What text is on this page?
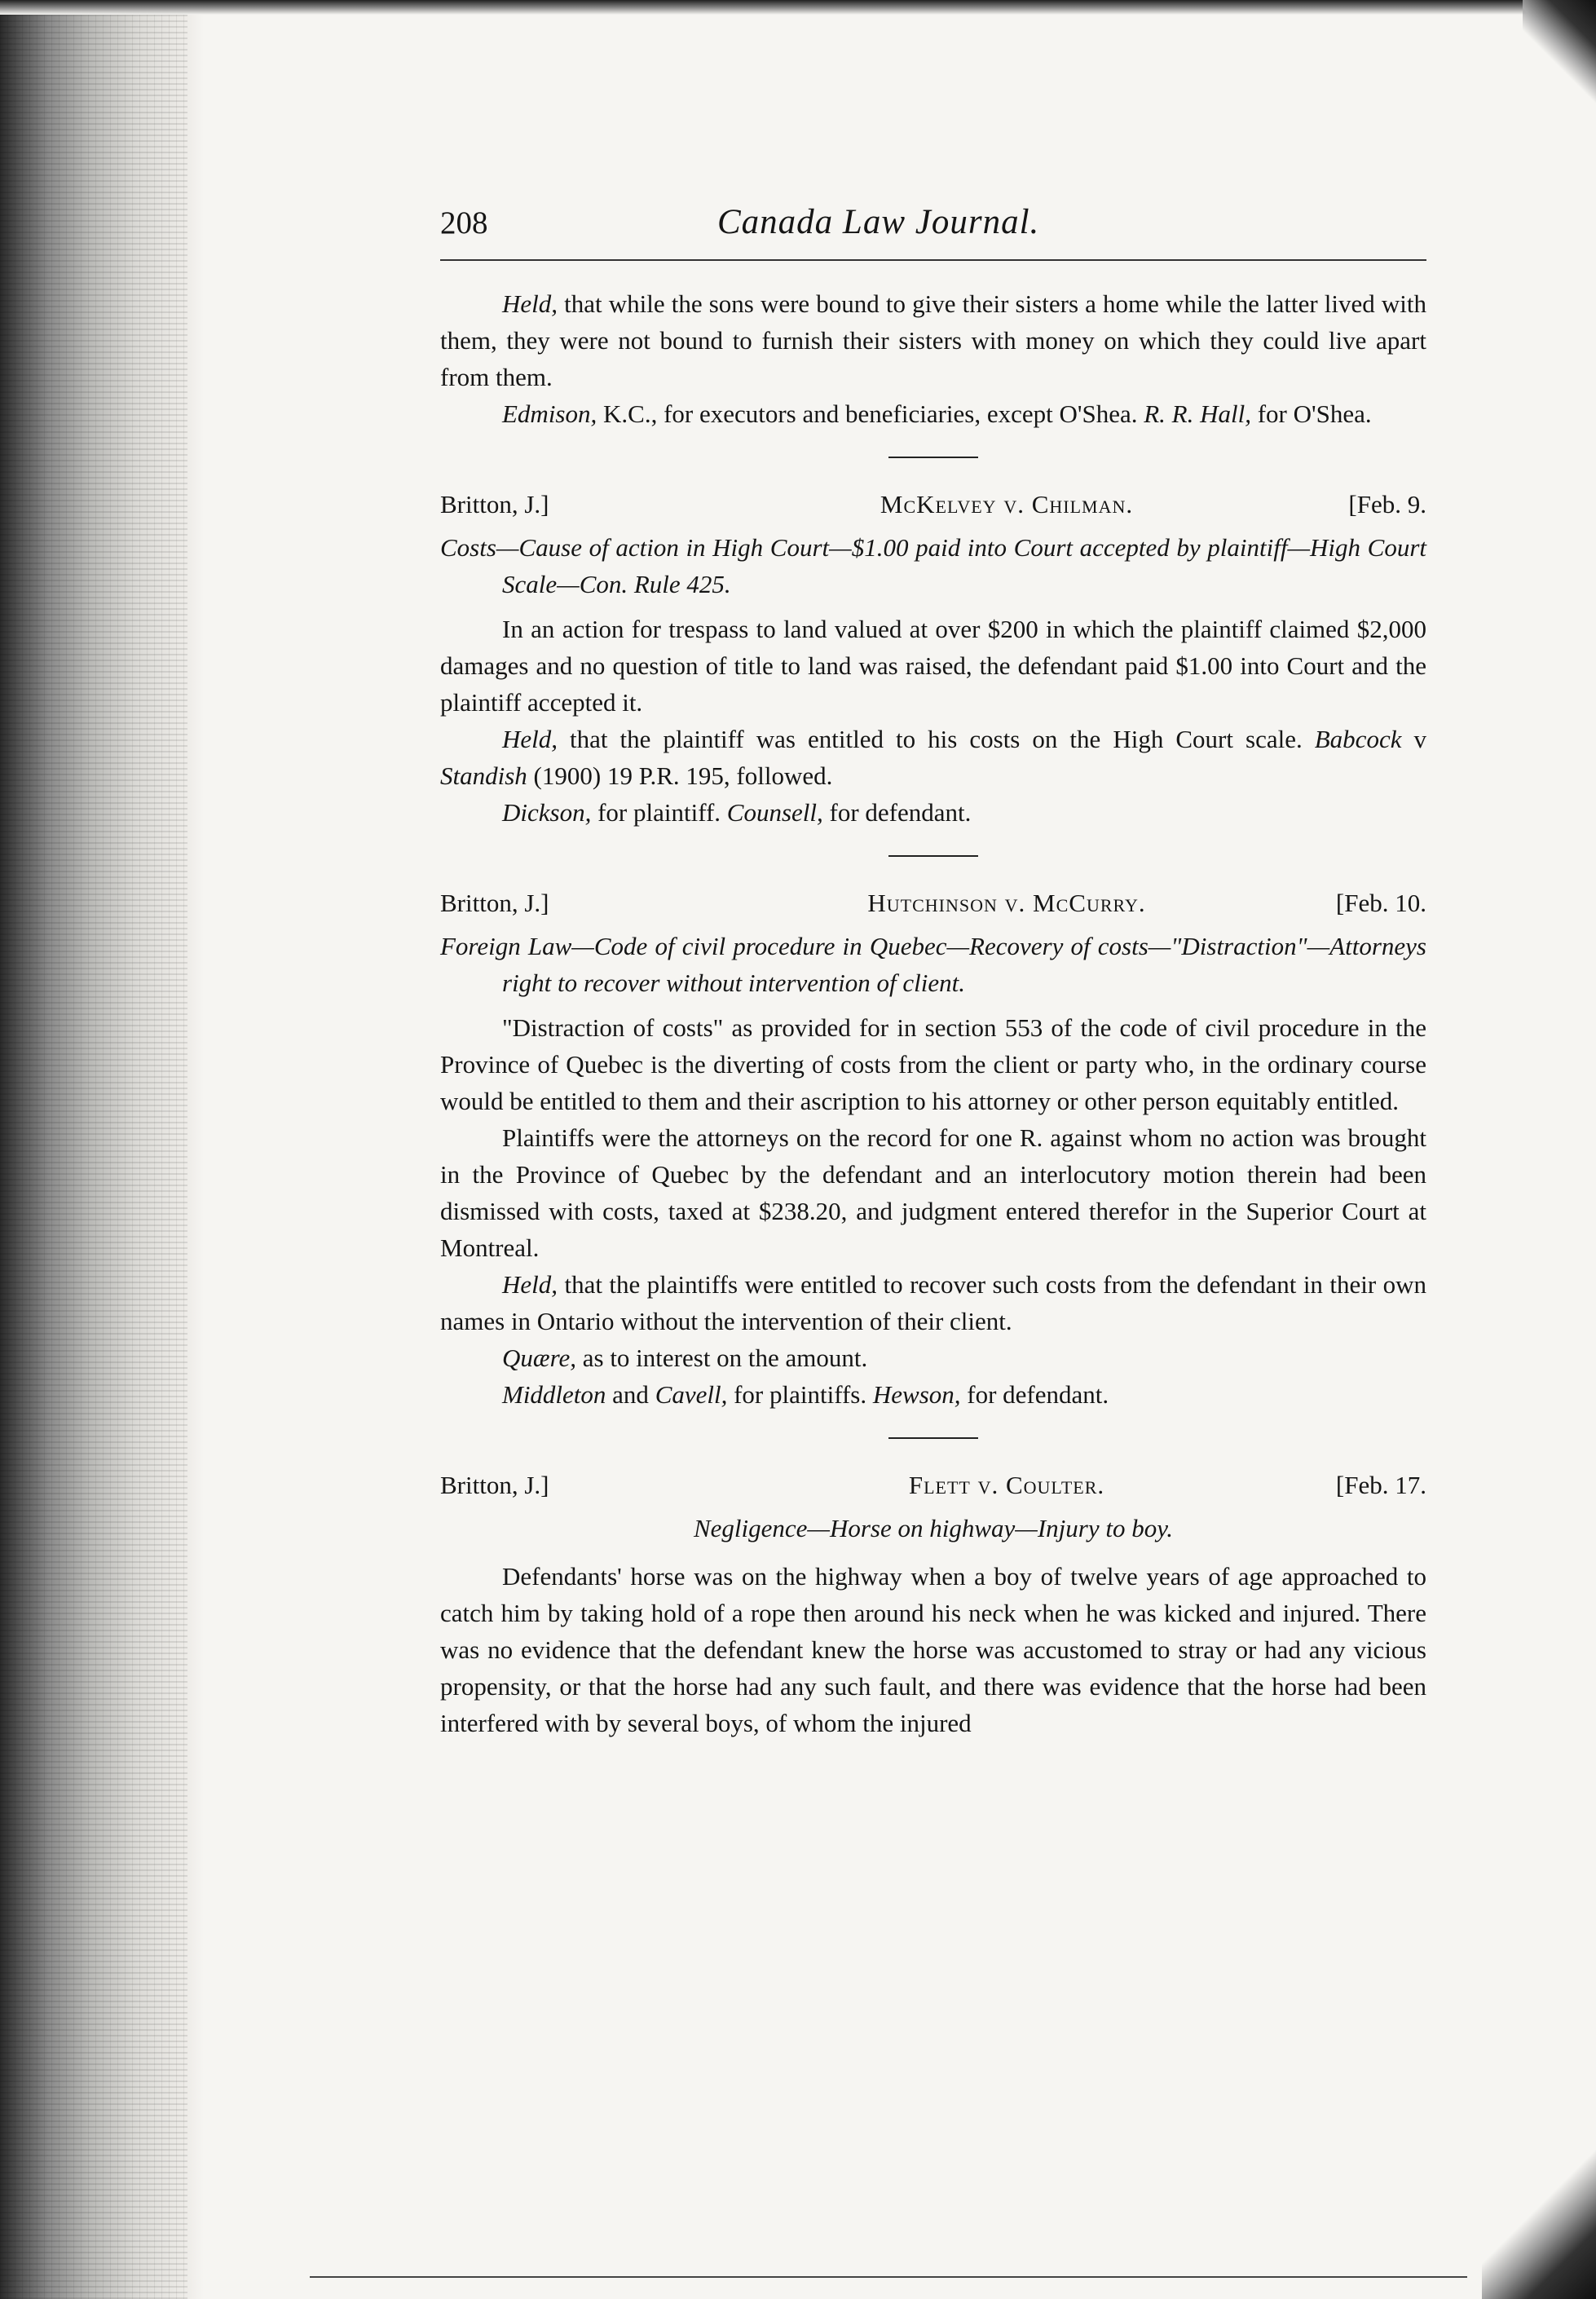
208	Canada Law Journal.

Held, that while the sons were bound to give their sisters a home while the latter lived with them, they were not bound to furnish their sisters with money on which they could live apart from them.

Edmison, K.C., for executors and beneficiaries, except O'Shea. R. R. Hall, for O'Shea.

Britton, J.]	McKelvey v. Chilman.	[Feb. 9.

Costs—Cause of action in High Court—$1.00 paid into Court accepted by plaintiff—High Court Scale—Con. Rule 425.

In an action for trespass to land valued at over $200 in which the plaintiff claimed $2,000 damages and no question of title to land was raised, the defendant paid $1.00 into Court and the plaintiff accepted it.

Held, that the plaintiff was entitled to his costs on the High Court scale. Babcock v Standish (1900) 19 P.R. 195, followed.

Dickson, for plaintiff. Counsell, for defendant.

Britton, J.]	Hutchinson v. McCurry.	[Feb. 10.

Foreign Law—Code of civil procedure in Quebec—Recovery of costs—"Distraction"—Attorneys right to recover without intervention of client.

"Distraction of costs" as provided for in section 553 of the code of civil procedure in the Province of Quebec is the diverting of costs from the client or party who, in the ordinary course would be entitled to them and their ascription to his attorney or other person equitably entitled.

Plaintiffs were the attorneys on the record for one R. against whom no action was brought in the Province of Quebec by the defendant and an interlocutory motion therein had been dismissed with costs, taxed at $238.20, and judgment entered therefor in the Superior Court at Montreal.

Held, that the plaintiffs were entitled to recover such costs from the defendant in their own names in Ontario without the intervention of their client.

Quære, as to interest on the amount.

Middleton and Cavell, for plaintiffs. Hewson, for defendant.

Britton, J.]	Flett v. Coulter.	[Feb. 17.

Negligence—Horse on highway—Injury to boy.

Defendants' horse was on the highway when a boy of twelve years of age approached to catch him by taking hold of a rope then around his neck when he was kicked and injured. There was no evidence that the defendant knew the horse was accustomed to stray or had any vicious propensity, or that the horse had any such fault, and there was evidence that the horse had been interfered with by several boys, of whom the injured
